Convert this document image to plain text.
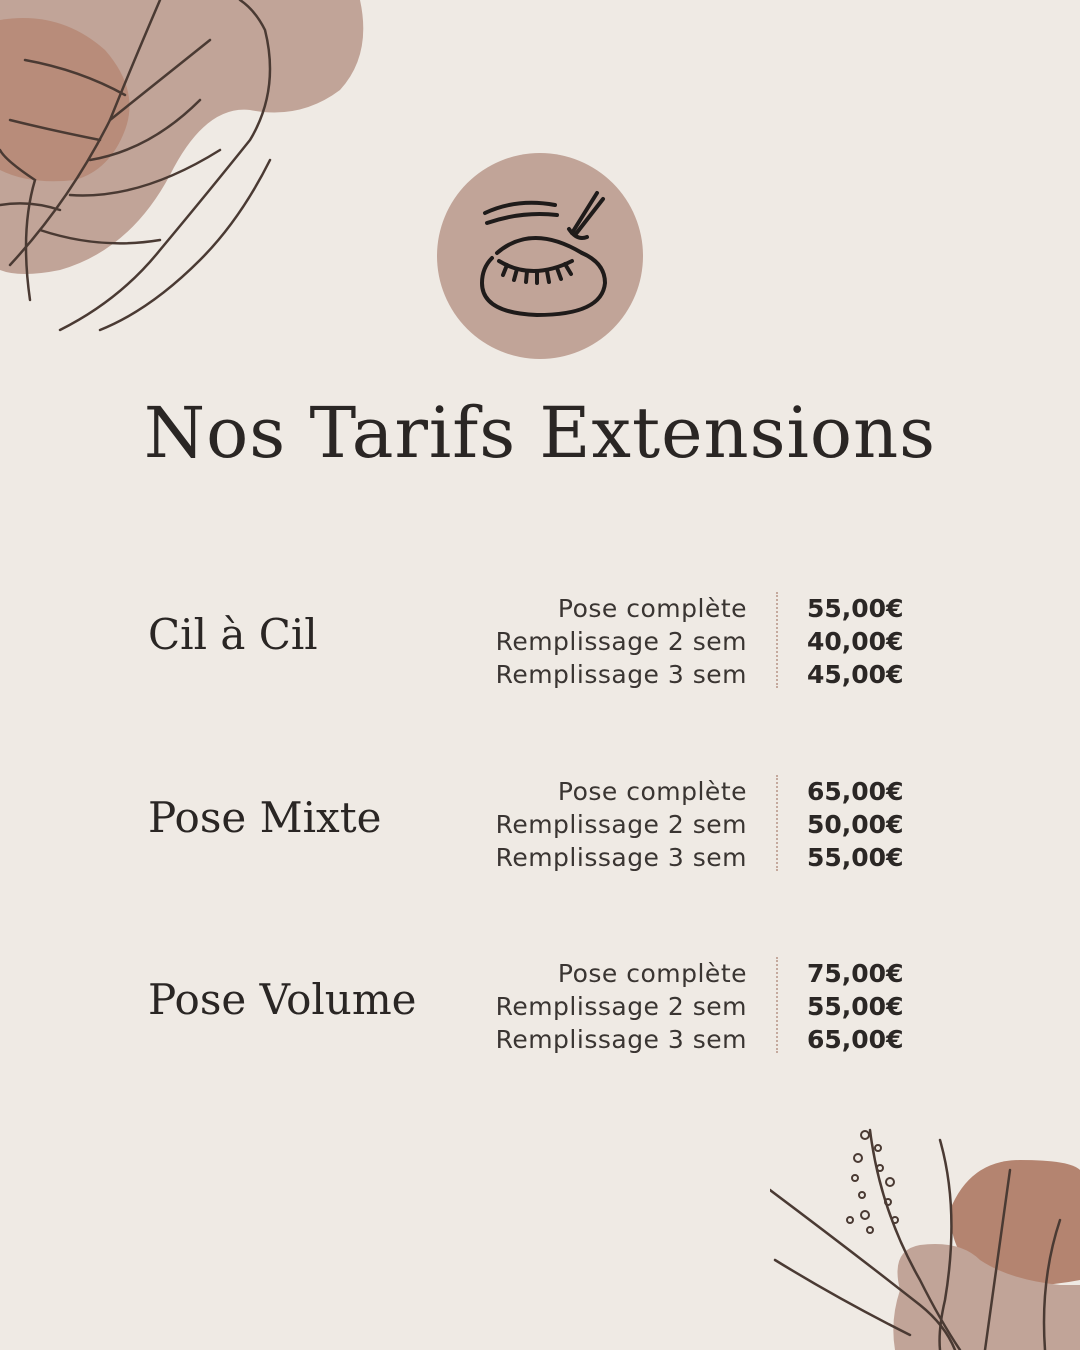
Nos Tarifs Extensions
Cil à Cil
Pose complète
Remplissage 2 sem
Remplissage 3 sem
55,00€
40,00€
45,00€
Pose Mixte
Pose complète
Remplissage 2 sem
Remplissage 3 sem
65,00€
50,00€
55,00€
Pose Volume
Pose complète
Remplissage 2 sem
Remplissage 3 sem
75,00€
55,00€
65,00€
